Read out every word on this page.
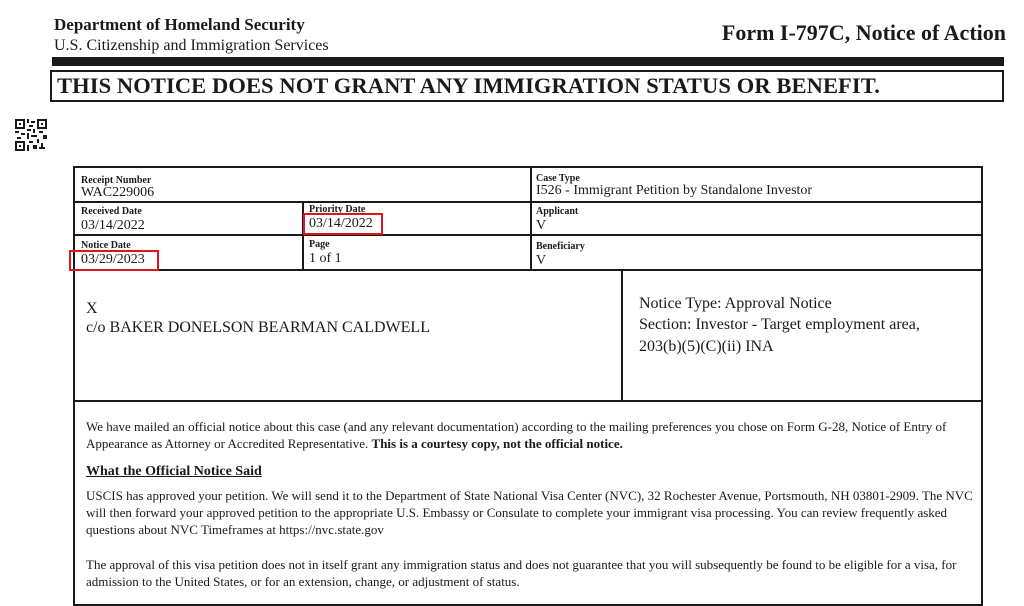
Department of Homeland Security
U.S. Citizenship and Immigration Services
Form I-797C, Notice of Action
THIS NOTICE DOES NOT GRANT ANY IMMIGRATION STATUS OR BENEFIT.
Receipt Number
WAC229006
Case Type
I526 - Immigrant Petition by Standalone Investor
Received Date
03/14/2022
Priority Date
03/14/2022
Applicant
V
Notice Date
03/29/2023
Page
1 of 1
Beneficiary
V
X
c/o BAKER DONELSON BEARMAN CALDWELL
Notice Type: Approval Notice
Section: Investor - Target employment area,
203(b)(5)(C)(ii) INA
We have mailed an official notice about this case (and any relevant documentation) according to the mailing preferences you chose on Form G-28, Notice of Entry of Appearance as Attorney or Accredited Representative. This is a courtesy copy, not the official notice.
What the Official Notice Said
USCIS has approved your petition. We will send it to the Department of State National Visa Center (NVC), 32 Rochester Avenue, Portsmouth, NH 03801-2909. The NVC will then forward your approved petition to the appropriate U.S. Embassy or Consulate to complete your immigrant visa processing. You can review frequently asked questions about NVC Timeframes at https://nvc.state.gov
The approval of this visa petition does not in itself grant any immigration status and does not guarantee that you will subsequently be found to be eligible for a visa, for admission to the United States, or for an extension, change, or adjustment of status.
